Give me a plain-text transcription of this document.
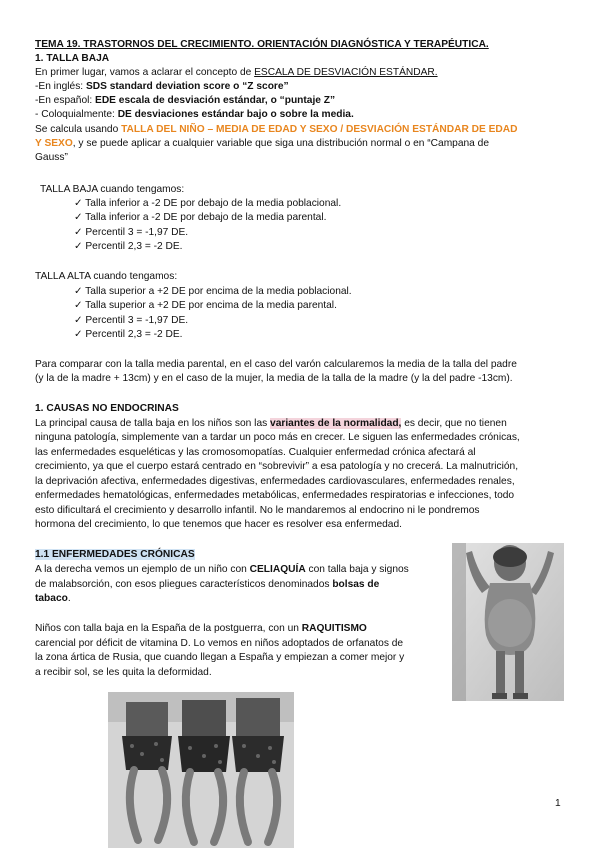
TEMA 19. TRASTORNOS DEL CRECIMIENTO. ORIENTACIÓN DIAGNÓSTICA Y TERAPÉUTICA.
1. TALLA BAJA
En primer lugar, vamos a aclarar el concepto de ESCALA DE DESVIACIÓN ESTÁNDAR.
-En inglés: SDS standard deviation score o “Z score”
-En español: EDE escala de desviación estándar, o “puntaje Z”
- Coloquialmente: DE desviaciones estándar bajo o sobre la media.
Se calcula usando TALLA DEL NIÑO – MEDIA DE EDAD Y SEXO / DESVIACIÓN ESTÁNDAR DE EDAD
Y SEXO, y se puede aplicar a cualquier variable que siga una distribución normal o en “Campana de
Gauss”
TALLA BAJA cuando tengamos:
✓ Talla inferior a -2 DE por debajo de la media poblacional.
✓ Talla inferior a -2 DE por debajo de la media parental.
✓ Percentil 3 = -1,97 DE.
✓ Percentil 2,3 = -2 DE.
TALLA ALTA cuando tengamos:
✓ Talla superior a +2 DE por encima de la media poblacional.
✓ Talla superior a +2 DE por encima de la media parental.
✓ Percentil 3 = -1,97 DE.
✓ Percentil 2,3 = -2 DE.
Para comparar con la talla media parental, en el caso del varón calcularemos la media de la talla del padre
(y la de la madre + 13cm) y en el caso de la mujer, la media de la talla de la madre (y la del padre -13cm).
1. CAUSAS NO ENDOCRINAS
La principal causa de talla baja en los niños son las variantes de la normalidad, es decir, que no tienen
ninguna patología, simplemente van a tardar un poco más en crecer. Le siguen las enfermedades crónicas,
las enfermedades esqueléticas y las cromosomopatías. Cualquier enfermedad crónica afectará al
crecimiento, ya que el cuerpo estará centrado en “sobrevivir” a esa patología y no crecerá. La malnutrición,
la deprivación afectiva, enfermedades digestivas, enfermedades cardiovasculares, enfermedades renales,
enfermedades hematológicas, enfermedades metabólicas, enfermedades respiratorias e infecciones, todo
esto dificultará el crecimiento y desarrollo infantil. No le mandaremos al endocrino ni le pondremos
hormona del crecimiento, lo que tenemos que hacer es resolver esa enfermedad.
1.1 ENFERMEDADES CRÓNICAS
A la derecha vemos un ejemplo de un niño con CELIAQUÍA con talla baja y signos
de malabsorción, con esos pliegues característicos denominados bolsas de
tabaco.
Niños con talla baja en la España de la postguerra, con un RAQUITISMO
carencial por déficit de vitamina D. Lo vemos en niños adoptados de orfanatos de
la zona ártica de Rusia, que cuando llegan a España y empiezan a comer mejor y
a recibir sol, se les quita la deformidad.
1
